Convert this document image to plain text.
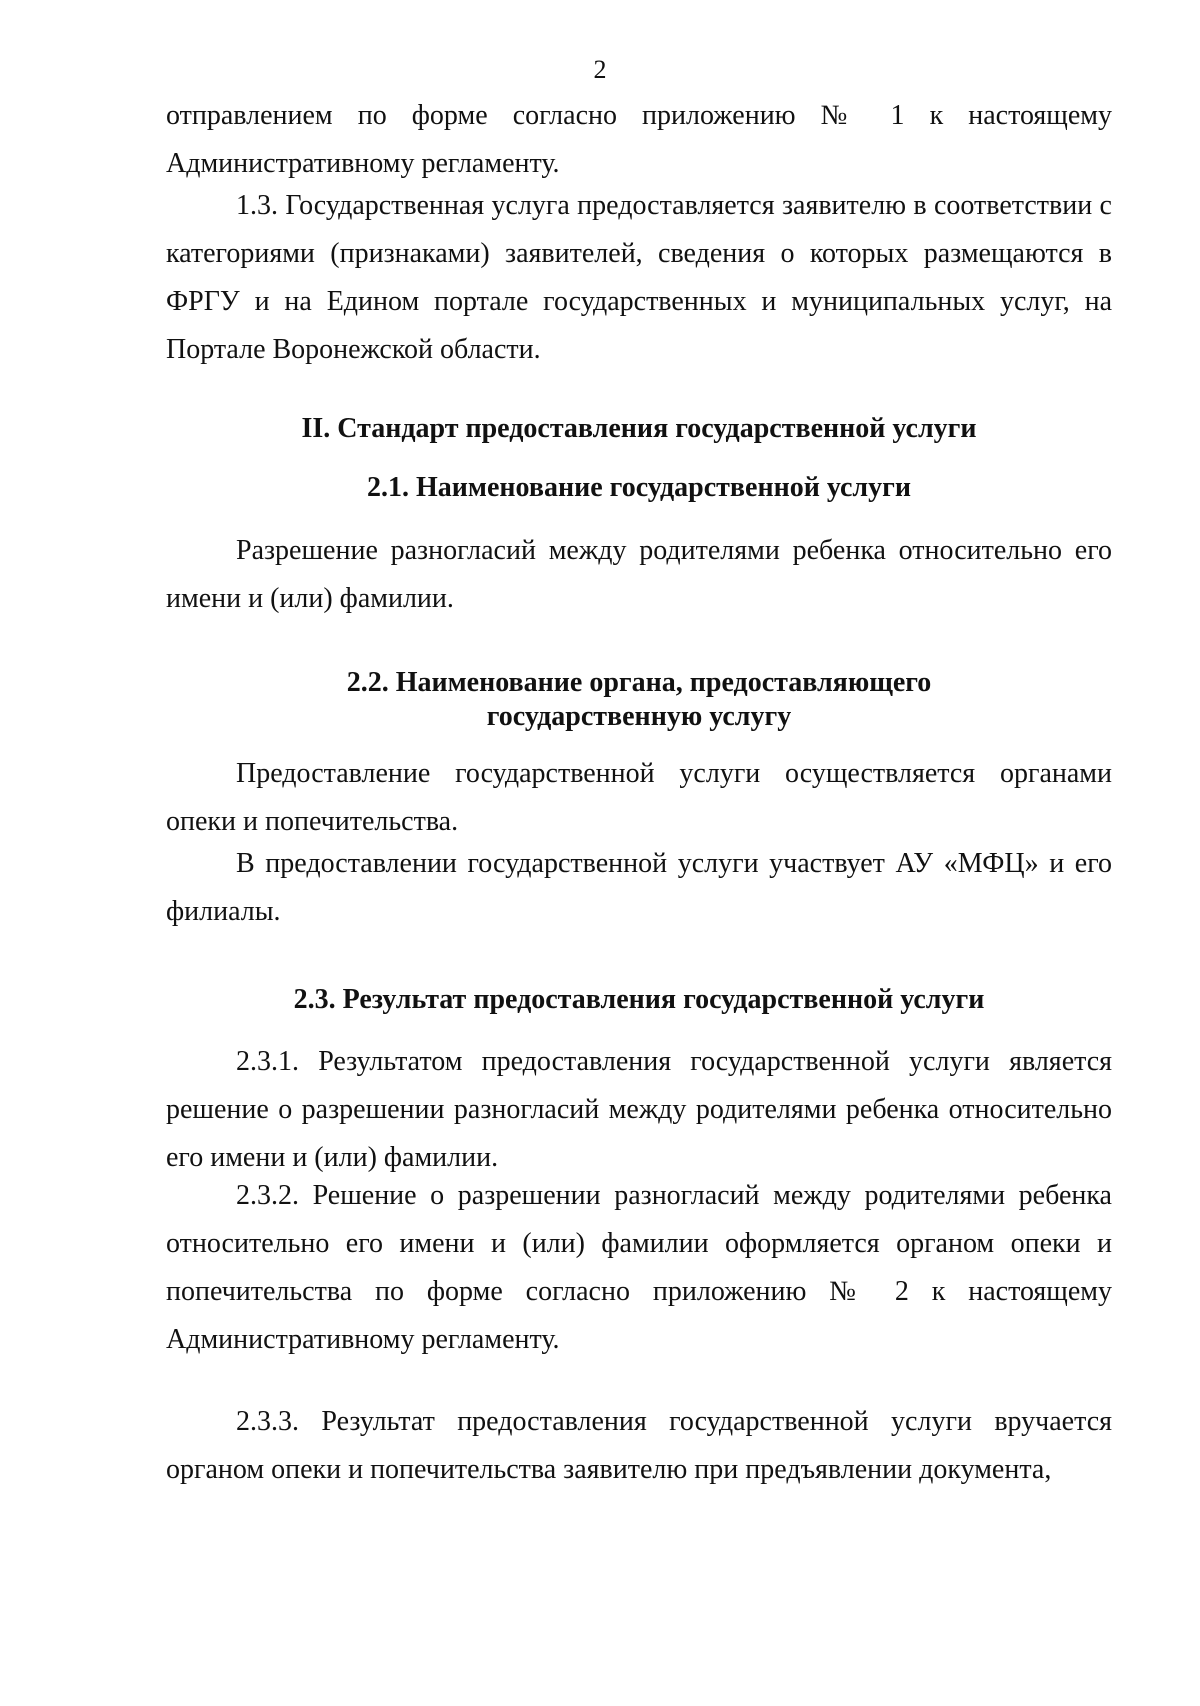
2

отправлением по форме согласно приложению № 1 к настоящему Административному регламенту.

1.3. Государственная услуга предоставляется заявителю в соответствии с категориями (признаками) заявителей, сведения о которых размещаются в ФРГУ и на Едином портале государственных и муниципальных услуг, на Портале Воронежской области.

II. Стандарт предоставления государственной услуги
2.1. Наименование государственной услуги

Разрешение разногласий между родителями ребенка относительно его имени и (или) фамилии.

2.2. Наименование органа, предоставляющего
государственную услугу

Предоставление государственной услуги осуществляется органами опеки и попечительства.

В предоставлении государственной услуги участвует АУ «МФЦ» и его филиалы.

2.3. Результат предоставления государственной услуги

2.3.1. Результатом предоставления государственной услуги является решение о разрешении разногласий между родителями ребенка относительно его имени и (или) фамилии.

2.3.2. Решение о разрешении разногласий между родителями ребенка относительно его имени и (или) фамилии оформляется органом опеки и попечительства по форме согласно приложению № 2 к настоящему Административному регламенту.

2.3.3. Результат предоставления государственной услуги вручается органом опеки и попечительства заявителю при предъявлении документа,
